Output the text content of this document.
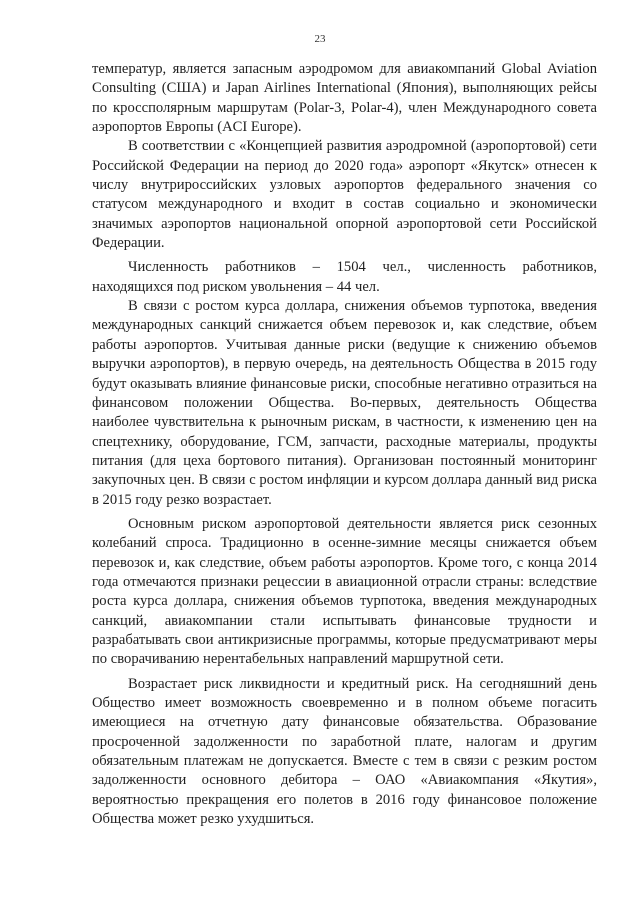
23

температур, является запасным аэродромом для авиакомпаний Global Aviation Consulting (США) и Japan Airlines International (Япония), выполняющих рейсы по кроссполярным маршрутам (Polar-3, Polar-4), член Международного совета аэропортов Европы (ACI Europe).

В соответствии с «Концепцией развития аэродромной (аэропортовой) сети Российской Федерации на период до 2020 года» аэропорт «Якутск» отнесен к числу внутрироссийских узловых аэропортов федерального значения со статусом международного и входит в состав социально и экономически значимых аэропортов национальной опорной аэропортовой сети Российской Федерации.

Численность работников – 1504 чел., численность работников, находящихся под риском увольнения – 44 чел.

В связи с ростом курса доллара, снижения объемов турпотока, введения международных санкций снижается объем перевозок и, как следствие, объем работы аэропортов. Учитывая данные риски (ведущие к снижению объемов выручки аэропортов), в первую очередь, на деятельность Общества в 2015 году будут оказывать влияние финансовые риски, способные негативно отразиться на финансовом положении Общества. Во-первых, деятельность Общества наиболее чувствительна к рыночным рискам, в частности, к изменению цен на спецтехнику, оборудование, ГСМ, запчасти, расходные материалы, продукты питания (для цеха бортового питания). Организован постоянный мониторинг закупочных цен. В связи с ростом инфляции и курсом доллара данный вид риска в 2015 году резко возрастает.

Основным риском аэропортовой деятельности является риск сезонных колебаний спроса. Традиционно в осенне-зимние месяцы снижается объем перевозок и, как следствие, объем работы аэропортов. Кроме того, с конца 2014 года отмечаются признаки рецессии в авиационной отрасли страны: вследствие роста курса доллара, снижения объемов турпотока, введения международных санкций, авиакомпании стали испытывать финансовые трудности и разрабатывать свои антикризисные программы, которые предусматривают меры по сворачиванию нерентабельных направлений маршрутной сети.

Возрастает риск ликвидности и кредитный риск. На сегодняшний день Общество имеет возможность своевременно и в полном объеме погасить имеющиеся на отчетную дату финансовые обязательства. Образование просроченной задолженности по заработной плате, налогам и другим обязательным платежам не допускается. Вместе с тем в связи с резким ростом задолженности основного дебитора – ОАО «Авиакомпания «Якутия», вероятностью прекращения его полетов в 2016 году финансовое положение Общества может резко ухудшиться.
